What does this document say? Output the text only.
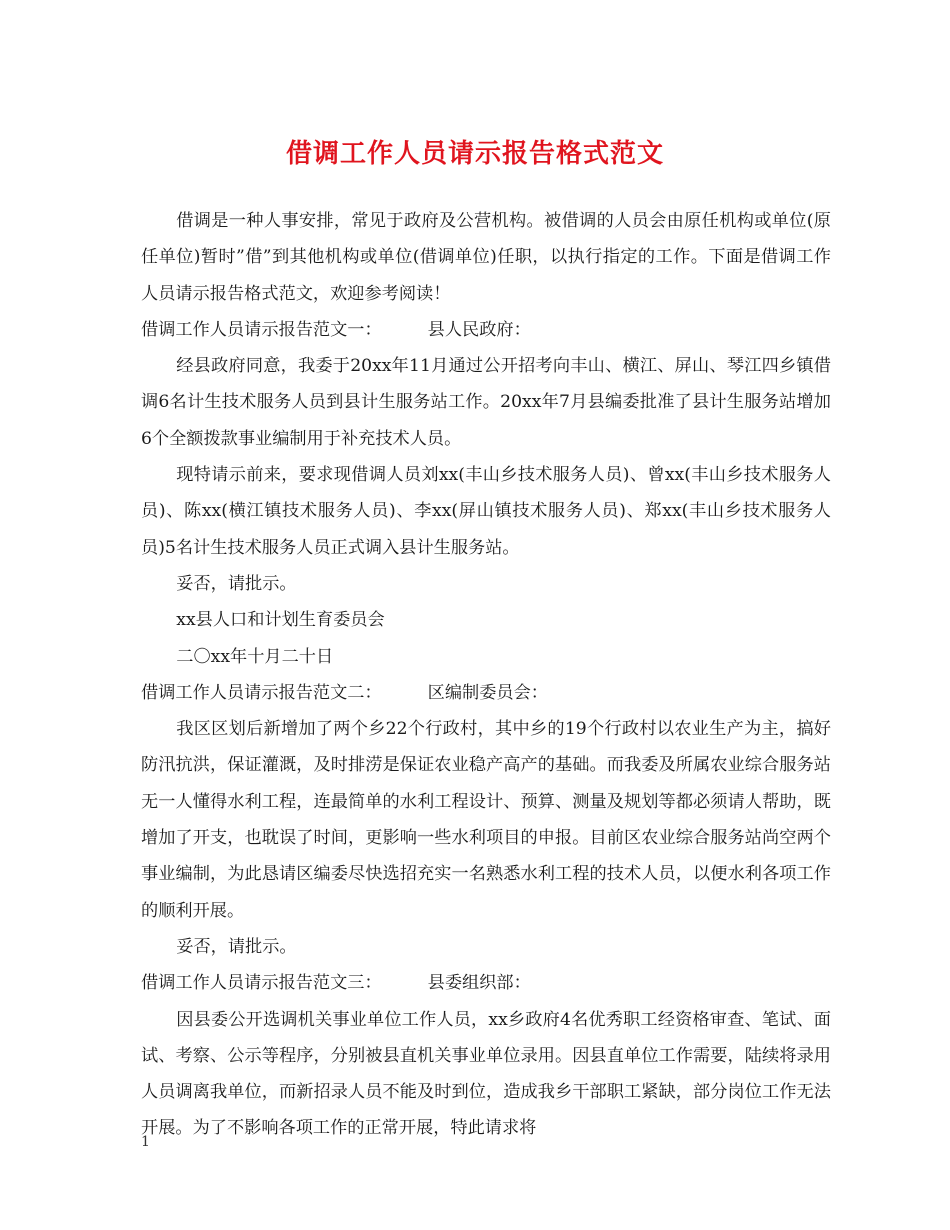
借调工作人员请示报告格式范文

借调是一种人事安排，常见于政府及公营机构。被借调的人员会由原任机构或单位(原任单位)暂时”借”到其他机构或单位(借调单位)任职，以执行指定的工作。下面是借调工作人员请示报告格式范文，欢迎参考阅读！

借调工作人员请示报告范文一：	县人民政府：

经县政府同意，我委于20xx年11月通过公开招考向丰山、横江、屏山、琴江四乡镇借调6名计生技术服务人员到县计生服务站工作。20xx年7月县编委批准了县计生服务站增加6个全额拨款事业编制用于补充技术人员。

现特请示前来，要求现借调人员刘xx(丰山乡技术服务人员)、曾xx(丰山乡技术服务人员)、陈xx(横江镇技术服务人员)、李xx(屏山镇技术服务人员)、郑xx(丰山乡技术服务人员)5名计生技术服务人员正式调入县计生服务站。

妥否，请批示。

xx县人口和计划生育委员会

二〇xx年十月二十日

借调工作人员请示报告范文二：	区编制委员会：

我区区划后新增加了两个乡22个行政村，其中乡的19个行政村以农业生产为主，搞好防汛抗洪，保证灌溉，及时排涝是保证农业稳产高产的基础。而我委及所属农业综合服务站无一人懂得水利工程，连最简单的水利工程设计、预算、测量及规划等都必须请人帮助，既增加了开支，也耽误了时间，更影响一些水利项目的申报。目前区农业综合服务站尚空两个事业编制，为此恳请区编委尽快选招充实一名熟悉水利工程的技术人员，以便水利各项工作的顺利开展。

妥否，请批示。

借调工作人员请示报告范文三：	县委组织部：

因县委公开选调机关事业单位工作人员，xx乡政府4名优秀职工经资格审查、笔试、面试、考察、公示等程序，分别被县直机关事业单位录用。因县直单位工作需要，陆续将录用人员调离我单位，而新招录人员不能及时到位，造成我乡干部职工紧缺，部分岗位工作无法开展。为了不影响各项工作的正常开展，特此请求将

1
